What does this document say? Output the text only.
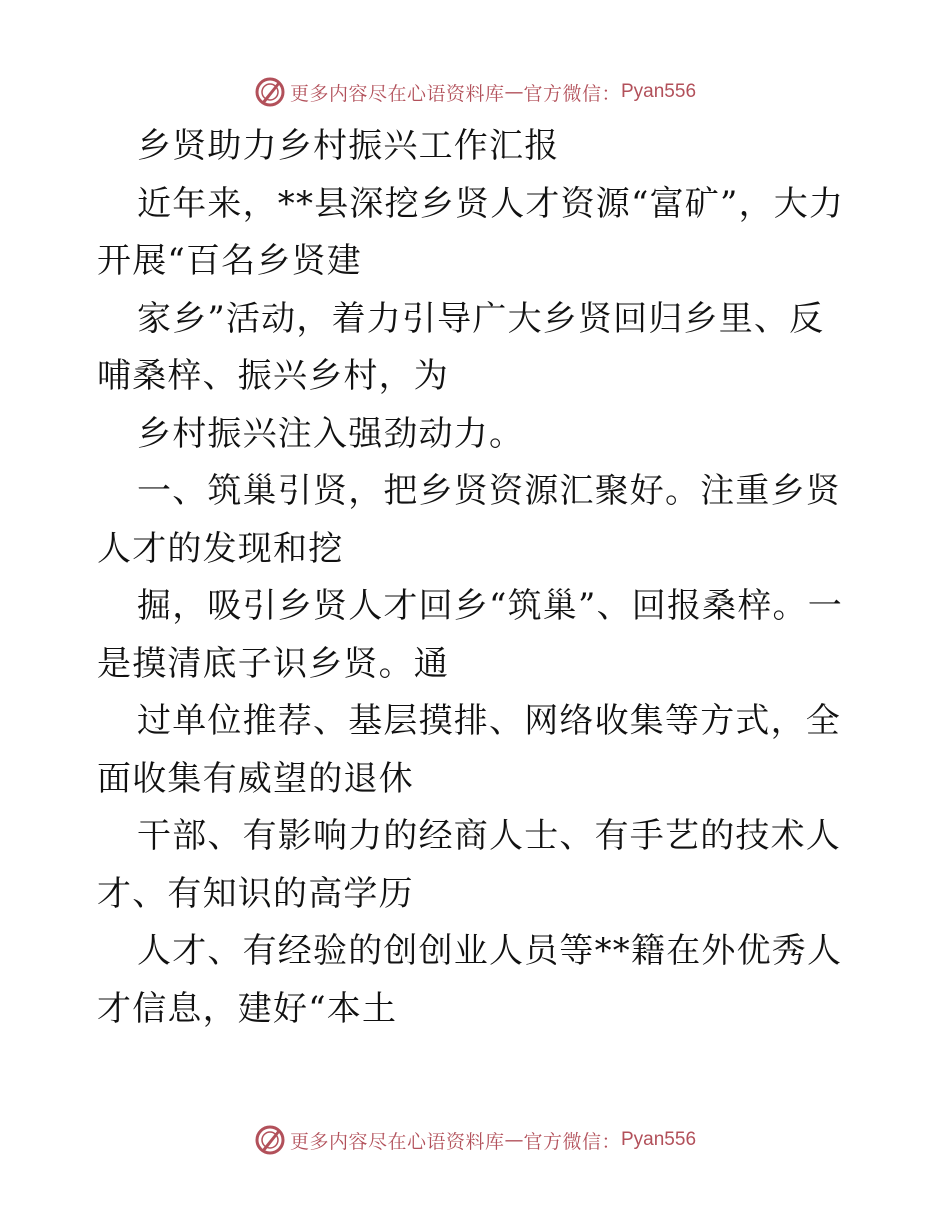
更多内容尽在心语资料库 — 官方微信： Pyan556

乡贤助力乡村振兴工作汇报

近年来，**县深挖乡贤人才资源“富矿”，大力开展“百名乡贤建

家乡”活动，着力引导广大乡贤回归乡里、反哺桑梓、振兴乡村，为

乡村振兴注入强劲动力。

一、筑巢引贤，把乡贤资源汇聚好。注重乡贤人才的发现和挖

掘，吸引乡贤人才回乡“筑巢”、回报桑梓。一是摸清底子识乡贤。通

过单位推荐、基层摸排、网络收集等方式，全面收集有威望的退休

干部、有影响力的经商人士、有手艺的技术人才、有知识的高学历

人才、有经验的创创业人员等**籍在外优秀人才信息，建好“本土

更多内容尽在心语资料库 — 官方微信： Pyan556
